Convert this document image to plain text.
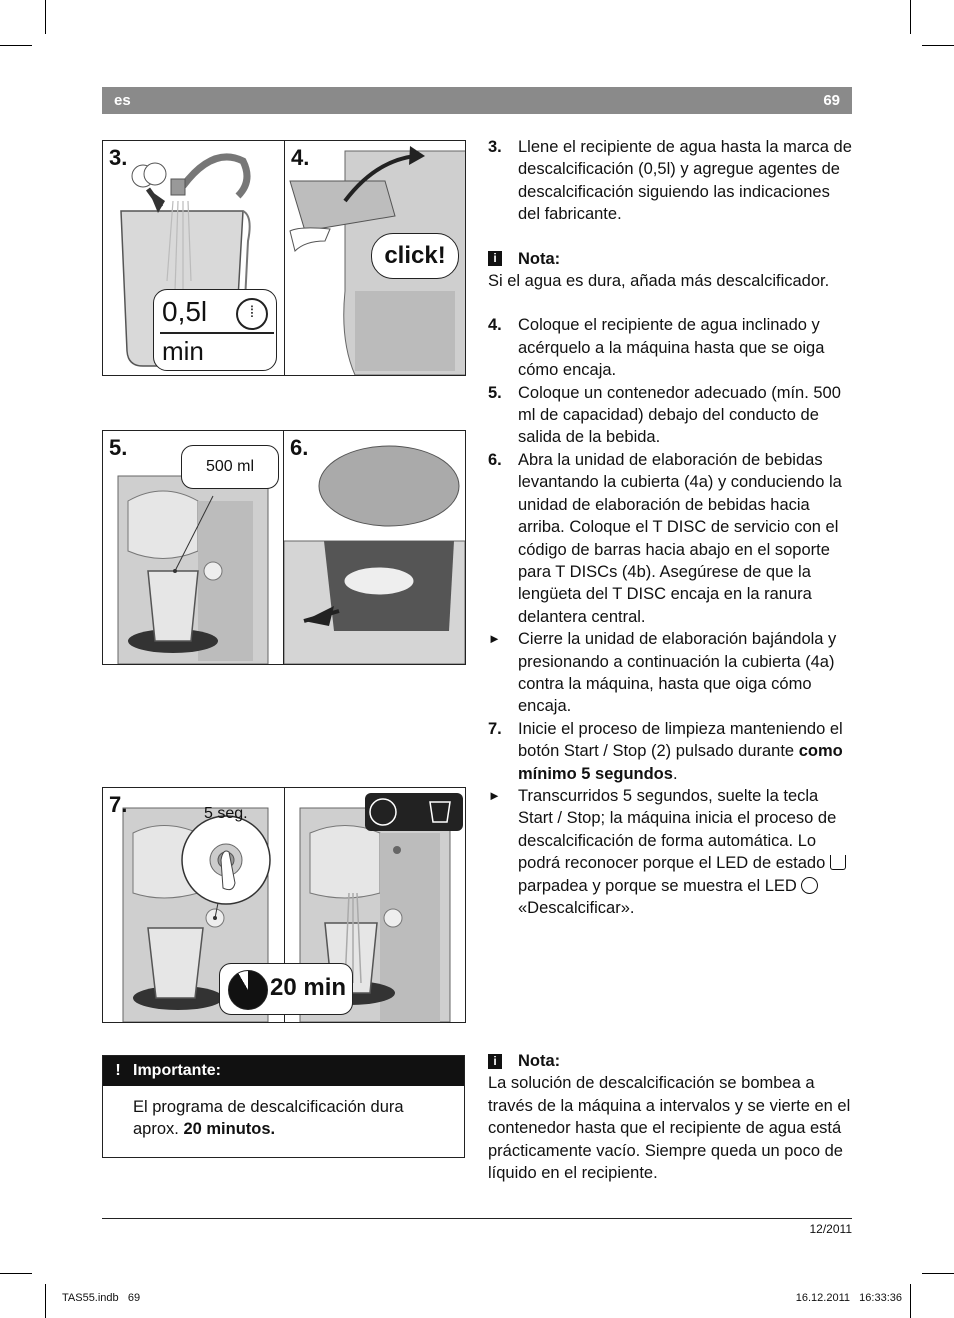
es	69
3.
0,5l	⁞
min
4.
click!
5.
500 ml
6.
7.	5 seg.
20 min
! Importante:
El programa de descalcificación dura aprox. 20 minutos.
3. Llene el recipiente de agua hasta la marca de descalcificación (0,5l) y agregue agentes de descalcificación siguiendo las indicaciones del fabricante.
i	Nota:
Si el agua es dura, añada más descalcificador.
4. Coloque el recipiente de agua inclinado y acérquelo a la máquina hasta que se oiga cómo encaja.
5. Coloque un contenedor adecuado (mín. 500 ml de capacidad) debajo del conducto de salida de la bebida.
6. Abra la unidad de elaboración de bebidas levantando la cubierta (4a) y conduciendo la unidad de elaboración de bebidas hacia arriba. Coloque el T DISC de servicio con el código de barras hacia abajo en el soporte para T DISCs (4b). Asegúrese de que la lengüeta del T DISC encaja en la ranura delantera central.
►	Cierre la unidad de elaboración bajándola y presionando a continuación la cubierta (4a) contra la máquina, hasta que oiga cómo encaja.
7. Inicie el proceso de limpieza manteniendo el botón Start / Stop (2) pulsado durante como mínimo 5 segundos.
►	Transcurridos 5 segundos, suelte la tecla Start / Stop; la máquina inicia el proceso de descalcificación de forma automática. Lo podrá reconocer porque el LED de estado  parpadea y porque se muestra el LED  «Descalcificar».
i	Nota:
La solución de descalcificación se bombea a través de la máquina a intervalos y se vierte en el contenedor hasta que el recipiente de agua está prácticamente vacío. Siempre queda un poco de líquido en el recipiente.
12/2011
TAS55.indb   69	16.12.2011   16:33:36
